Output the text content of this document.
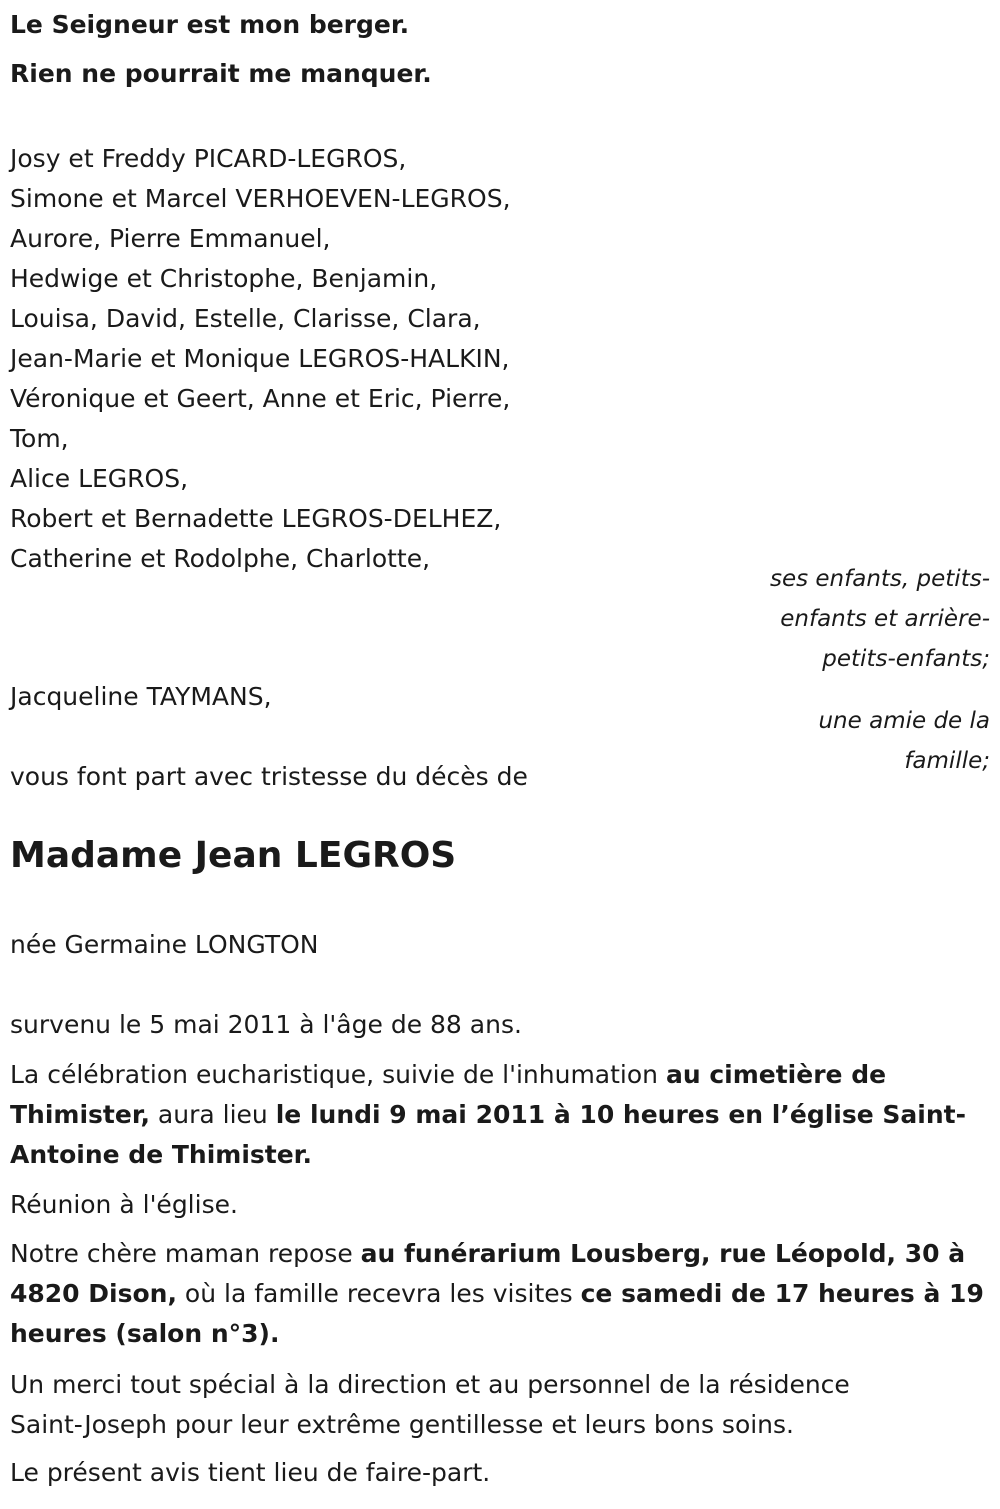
Le Seigneur est mon berger.

Rien ne pourrait me manquer.

Josy et Freddy PICARD-LEGROS,
Simone et Marcel VERHOEVEN-LEGROS,
Aurore, Pierre Emmanuel,
Hedwige et Christophe, Benjamin,
Louisa, David, Estelle, Clarisse, Clara,
Jean-Marie et Monique LEGROS-HALKIN,
Véronique et Geert, Anne et Eric, Pierre,
Tom,
Alice LEGROS,
Robert et Bernadette LEGROS-DELHEZ,
Catherine et Rodolphe, Charlotte,
ses enfants, petits-
enfants et arrière-
petits-enfants;

Jacqueline TAYMANS,

une amie de la
famille;

vous font part avec tristesse du décès de

Madame Jean LEGROS

née Germaine LONGTON

survenu le 5 mai 2011 à l'âge de 88 ans.

La célébration eucharistique, suivie de l'inhumation au cimetière de Thimister, aura lieu le lundi 9 mai 2011 à 10 heures en l’église Saint-Antoine de Thimister.

Réunion à l'église.

Notre chère maman repose au funérarium Lousberg, rue Léopold, 30 à 4820 Dison, où la famille recevra les visites ce samedi de 17 heures à 19 heures (salon n°3).

Un merci tout spécial à la direction et au personnel de la résidence

Saint-Joseph pour leur extrême gentillesse et leurs bons soins.

Le présent avis tient lieu de faire-part.
